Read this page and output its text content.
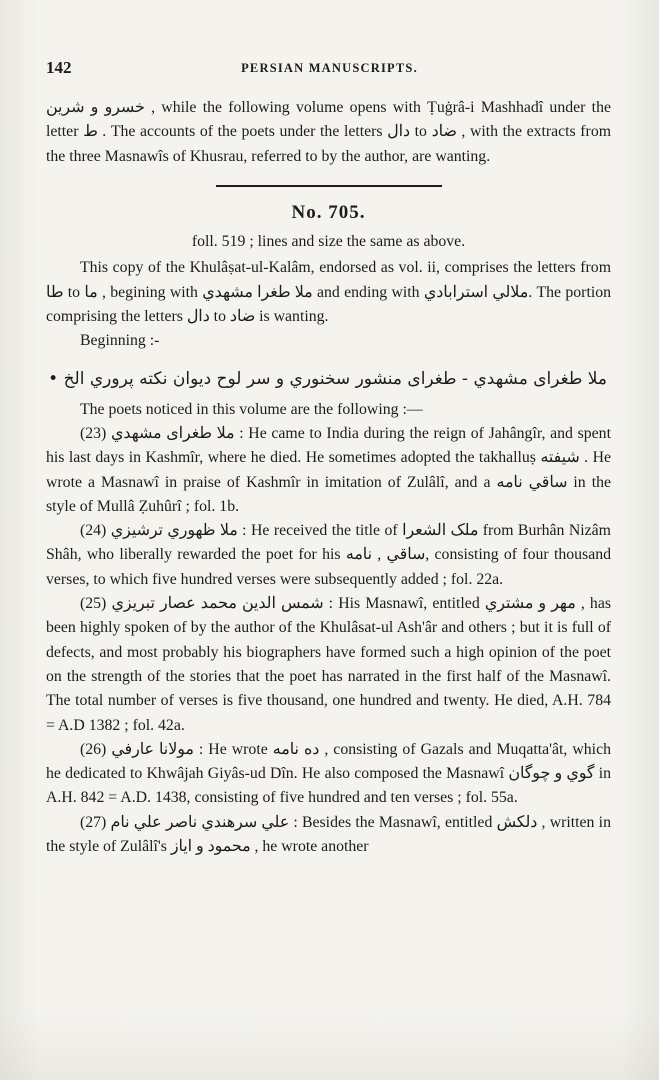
142	PERSIAN MANUSCRIPTS.

خسرو و شرين , while the following volume opens with Ṭuġrâ-i Mashhadî under the letter ط . The accounts of the poets under the letters دال to ضاد , with the extracts from the three Masnawîs of Khusrau, referred to by the author, are wanting.

No. 705.
foll. 519 ; lines and size the same as above.

This copy of the Khulâṣat-ul-Kalâm, endorsed as vol. ii, comprises the letters from طا to ما , begining with ملا طغرا مشهدي and ending with ملالي استرابادي. The portion comprising the letters دال to ضاد is wanting.

Beginning :-

ملا طغرای مشهدي - طغرای منشور سخنوري و سر لوح ديوان نکته پروري الخ •

The poets noticed in this volume are the following :—

(23) ملا طغرای مشهدي : He came to India during the reign of Jahângîr, and spent his last days in Kashmîr, where he died. He sometimes adopted the takhalluṣ شيفته . He wrote a Masnawî in praise of Kashmîr in imitation of Zulâlî, and a ساقي نامه in the style of Mullâ Ẓuhûrî ; fol. 1b.

(24) ملا ظهوري ترشيزي : He received the title of ملک الشعرا from Burhân Nizâm Shâh, who liberally rewarded the poet for his ساقي , نامه, consisting of four thousand verses, to which five hundred verses were subsequently added ; fol. 22a.

(25) شمس الدين محمد عصار تبريزي : His Masnawî, entitled مهر و مشتري , has been highly spoken of by the author of the Khulâsat-ul Ash'âr and others ; but it is full of defects, and most probably his biographers have formed such a high opinion of the poet on the strength of the stories that the poet has narrated in the first half of the Masnawî. The total number of verses is five thousand, one hundred and twenty. He died, A.H. 784 = A.D 1382 ; fol. 42a.

(26) مولانا عارفي : He wrote ده نامه , consisting of Gazals and Muqatta'ât, which he dedicated to Khwâjah Giyâs-ud Dîn. He also composed the Masnawî گوي و چوگان in A.H. 842 = A.D. 1438, consisting of five hundred and ten verses ; fol. 55a.

(27) علي سرهندي ناصر علي نام : Besides the Masnawî, entitled دلکش , written in the style of Zulâlî's محمود و اياز , he wrote another
